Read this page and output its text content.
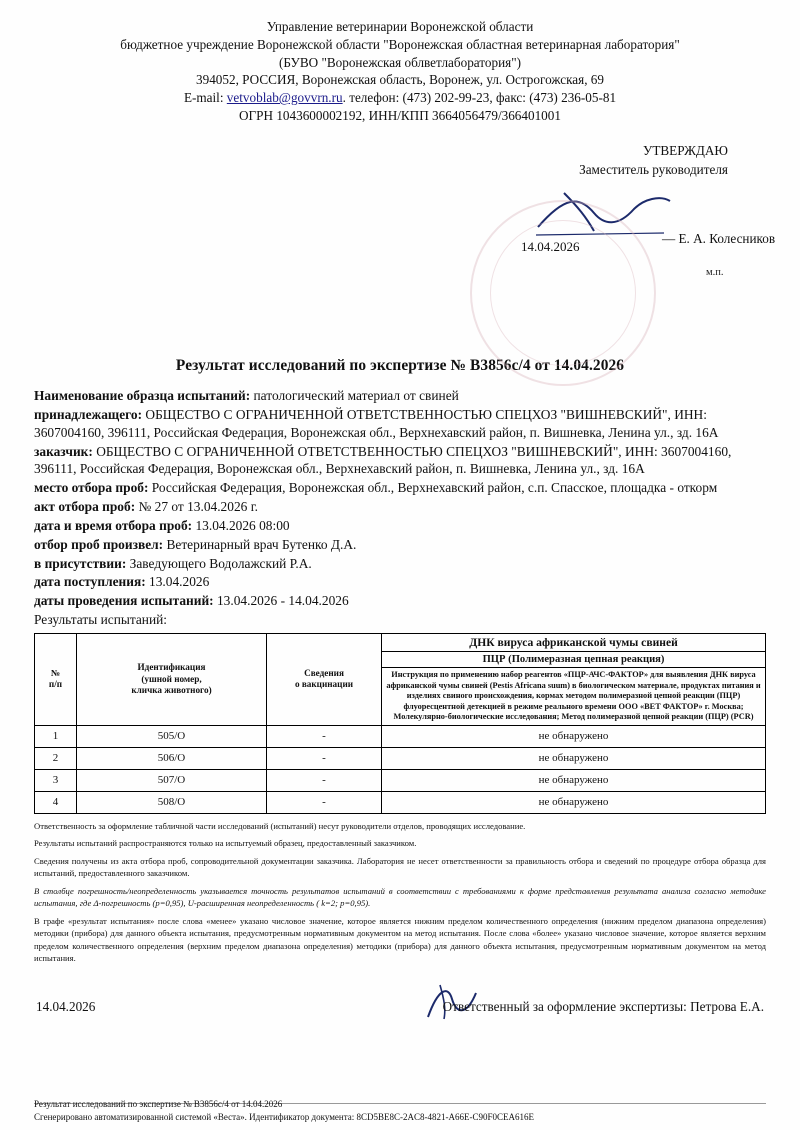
Управление ветеринарии Воронежской области
бюджетное учреждение Воронежской области "Воронежская областная ветеринарная лаборатория"
(БУВО "Воронежская облветлаборатория")
394052, РОССИЯ, Воронежская область, Воронеж, ул. Острогожская, 69
E-mail: vetvoblab@govvrn.ru. телефон: (473) 202-99-23, факс: (473) 236-05-81
ОГРН 1043600002192, ИНН/КПП 3664056479/366401001
УТВЕРЖДАЮ
Заместитель руководителя
14.04.2026
— Е. А. Колесников
м.п.
Результат исследований по экспертизе № В3856с/4 от 14.04.2026

Наименование образца испытаний: патологический материал от свиней

принадлежащего: ОБЩЕСТВО С ОГРАНИЧЕННОЙ ОТВЕТСТВЕННОСТЬЮ СПЕЦХОЗ "ВИШНЕВСКИЙ", ИНН: 3607004160, 396111, Российская Федерация, Воронежская обл., Верхнехавский район, п. Вишневка, Ленина ул., зд. 16А

заказчик: ОБЩЕСТВО С ОГРАНИЧЕННОЙ ОТВЕТСТВЕННОСТЬЮ СПЕЦХОЗ "ВИШНЕВСКИЙ", ИНН: 3607004160, 396111, Российская Федерация, Воронежская обл., Верхнехавский район, п. Вишневка, Ленина ул., зд. 16А

место отбора проб: Российская Федерация, Воронежская обл., Верхнехавский район, с.п. Спасское, площадка - откорм

акт отбора проб: № 27 от 13.04.2026 г.

дата и время отбора проб: 13.04.2026 08:00

отбор проб произвел: Ветеринарный врач Бутенко Д.А.

в присутствии: Заведующего Водолажский Р.А.

дата поступления: 13.04.2026

даты проведения испытаний: 13.04.2026 - 14.04.2026

Результаты испытаний:

№
п/п

Идентификация
(ушной номер,
кличка животного)

Сведения
о вакцинации
	ДНК вируса африканской чумы свиней
			ПЦР (Полимеразная цепная реакция)
			Инструкция по применению набор реагентов «ПЦР-АЧС-ФАКТОР» для выявления ДНК вируса африканской чумы свиней (Pestis Africana suum) в биологическом материале, продуктах питания и изделиях свиного происхождения, кормах методом полимеразной цепной реакции (ПЦР) флуоресцентной детекцией в режиме реального времени ООО «ВЕТ ФАКТОР» г. Москва; Молекулярно-биологические исследования; Метод полимеразной цепной реакции (ПЦР) (РСR)
1	505/О	-	не обнаружено
2	506/О	-	не обнаружено
3	507/О	-	не обнаружено
4	508/О	-	не обнаружено

Ответственность за оформление табличной части исследований (испытаний) несут руководители отделов, проводящих исследование.

Результаты испытаний распространяются только на испытуемый образец, предоставленный заказчиком.

Сведения получены из акта отбора проб, сопроводительной документации заказчика. Лаборатория не несет ответственности за правильность отбора и сведений по процедуре отбора образца для испытаний, предоставленного заказчиком.

В столбце погрешность/неопределенность указывается точность результатов испытаний в соответствии с требованиями к форме представления результата анализа согласно методике испытания, где Δ-погрешность (p=0,95), U-расширенная неопределенность ( k=2; p=0,95).

В графе «результат испытания» после слова «менее» указано числовое значение, которое является нижним пределом количественного определения (нижним пределом диапазона определения) методики (прибора) для данного объекта испытания, предусмотренным нормативным документом на метод испытания. После слова «более» указано числовое значение, которое является верхним пределом количественного определения (верхним пределом диапазона определения) методики (прибора) для данного объекта испытания, предусмотренным нормативным документом на метод испытания.

14.04.2026	Ответственный за оформление экспертизы: Петрова Е.А.
Результат исследований по экспертизе № В3856с/4 от 14.04.2026
Сгенерировано автоматизированной системой «Веста». Идентификатор документа: 8CD5BE8C-2AC8-4821-A66E-C90F0CEA616E
